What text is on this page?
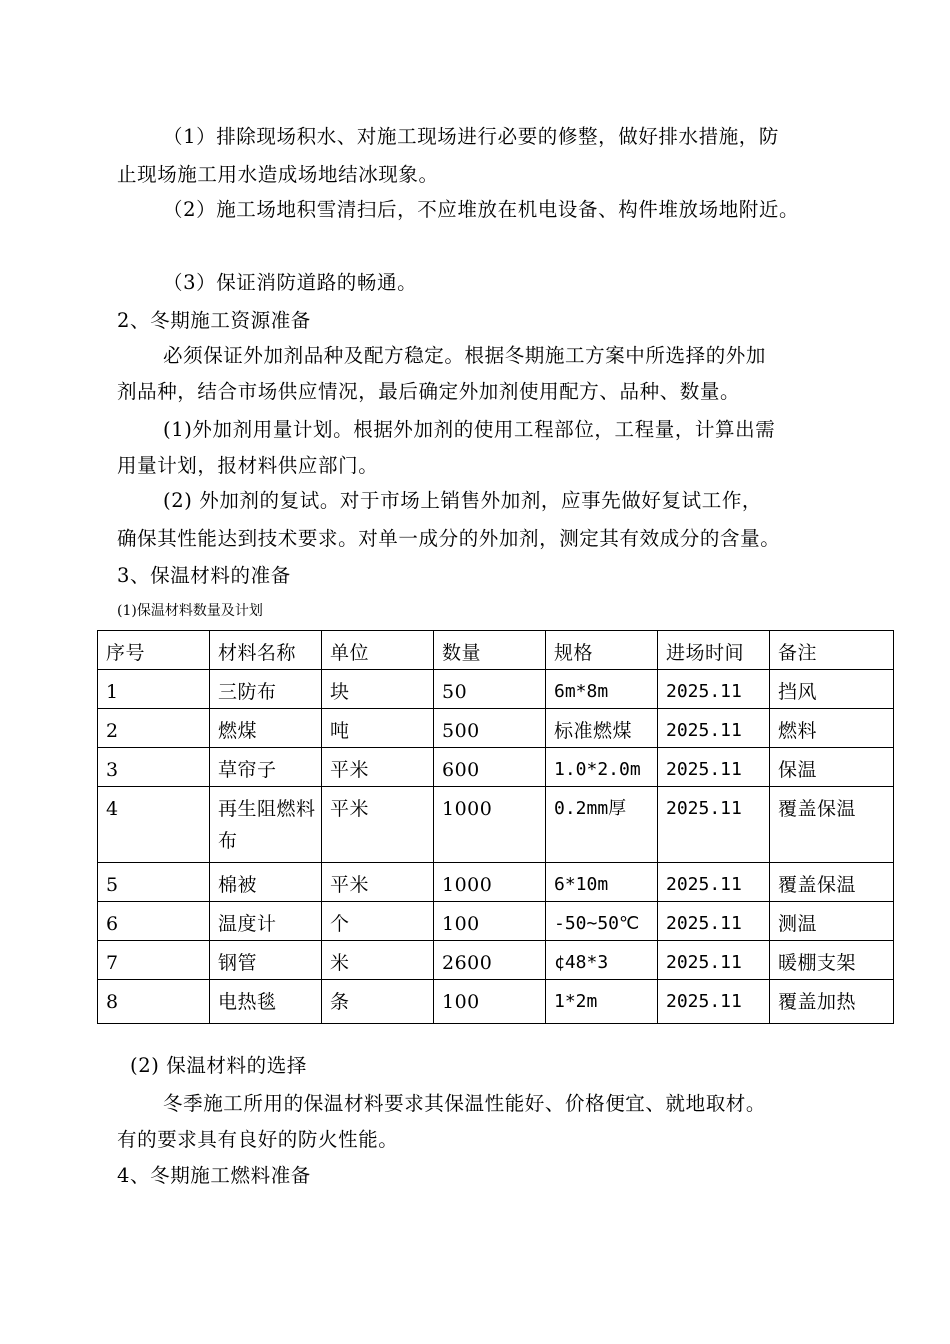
（1）排除现场积水、对施工现场进行必要的修整，做好排水措施，防
止现场施工用水造成场地结冰现象。
（2）施工场地积雪清扫后，不应堆放在机电设备、构件堆放场地附近。
（3）保证消防道路的畅通。
2、冬期施工资源准备
必须保证外加剂品种及配方稳定。根据冬期施工方案中所选择的外加
剂品种，结合市场供应情况，最后确定外加剂使用配方、品种、数量。
(1)外加剂用量计划。根据外加剂的使用工程部位，工程量，计算出需
用量计划，报材料供应部门。
(2) 外加剂的复试。对于市场上销售外加剂，应事先做好复试工作，
确保其性能达到技术要求。对单一成分的外加剂，测定其有效成分的含量。
3、保温材料的准备
(1)保温材料数量及计划
序号	材料名称	单位	数量	规格	进场时间	备注
1	三防布	块	50	6m*8m	2025.11	挡风
2	燃煤	吨	500	标准燃煤	2025.11	燃料
3	草帘子	平米	600	1.0*2.0m	2025.11	保温
4	再生阻燃料布	平米	1000	0.2mm厚	2025.11	覆盖保温
5	棉被	平米	1000	6*10m	2025.11	覆盖保温
6	温度计	个	100	-50~50℃	2025.11	测温
7	钢管	米	2600	¢48*3	2025.11	暖棚支架
8	电热毯	条	100	1*2m	2025.11	覆盖加热
(2) 保温材料的选择
冬季施工所用的保温材料要求其保温性能好、价格便宜、就地取材。
有的要求具有良好的防火性能。
4、冬期施工燃料准备
